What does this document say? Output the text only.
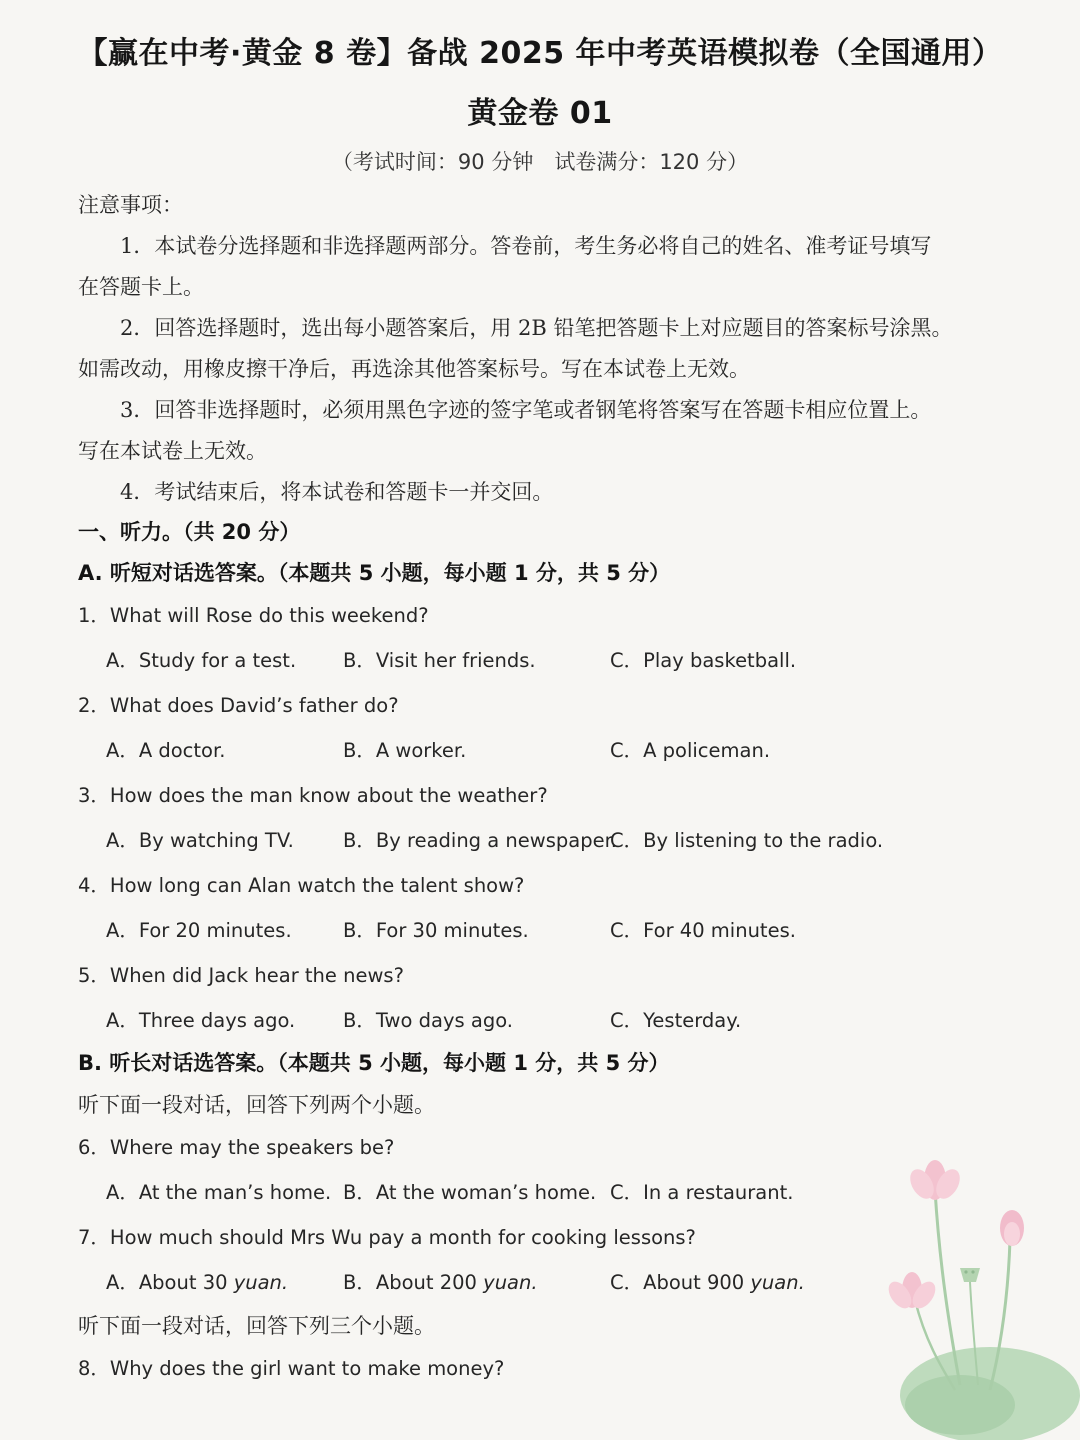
【赢在中考·黄金 8 卷】备战 2025 年中考英语模拟卷（全国通用）
黄金卷 01
（考试时间：90 分钟　试卷满分：120 分）
注意事项：
1．本试卷分选择题和非选择题两部分。答卷前，考生务必将自己的姓名、准考证号填写
在答题卡上。
2．回答选择题时，选出每小题答案后，用 2B 铅笔把答题卡上对应题目的答案标号涂黑。
如需改动，用橡皮擦干净后，再选涂其他答案标号。写在本试卷上无效。
3．回答非选择题时，必须用黑色字迹的签字笔或者钢笔将答案写在答题卡相应位置上。
写在本试卷上无效。
4．考试结束后，将本试卷和答题卡一并交回。
一、听力。（共 20 分）
A. 听短对话选答案。（本题共 5 小题，每小题 1 分，共 5 分）
1．What will Rose do this weekend?
A．Study for a test. B．Visit her friends.	C．Play basketball.
2．What does David’s father do?
A．A doctor.	B．A worker.	C．A policeman.
3．How does the man know about the weather?
A．By watching TV.	B．By reading a newspaper.
C．By listening to the radio.
4．How long can Alan watch the talent show?
A．For 20 minutes.	B．For 30 minutes.	C．For 40 minutes.
5．When did Jack hear the news?
A．Three days ago. B．Two days ago.	C．Yesterday.
B. 听长对话选答案。（本题共 5 小题，每小题 1 分，共 5 分）
听下面一段对话，回答下列两个小题。
6．Where may the speakers be?
A．At the man’s home. B．At the woman’s home. C．In a restaurant.
7．How much should Mrs Wu pay a month for cooking lessons?
A．About 30 yuan.	B．About 200 yuan.	C．About 900 yuan.
听下面一段对话，回答下列三个小题。
8．Why does the girl want to make money?
